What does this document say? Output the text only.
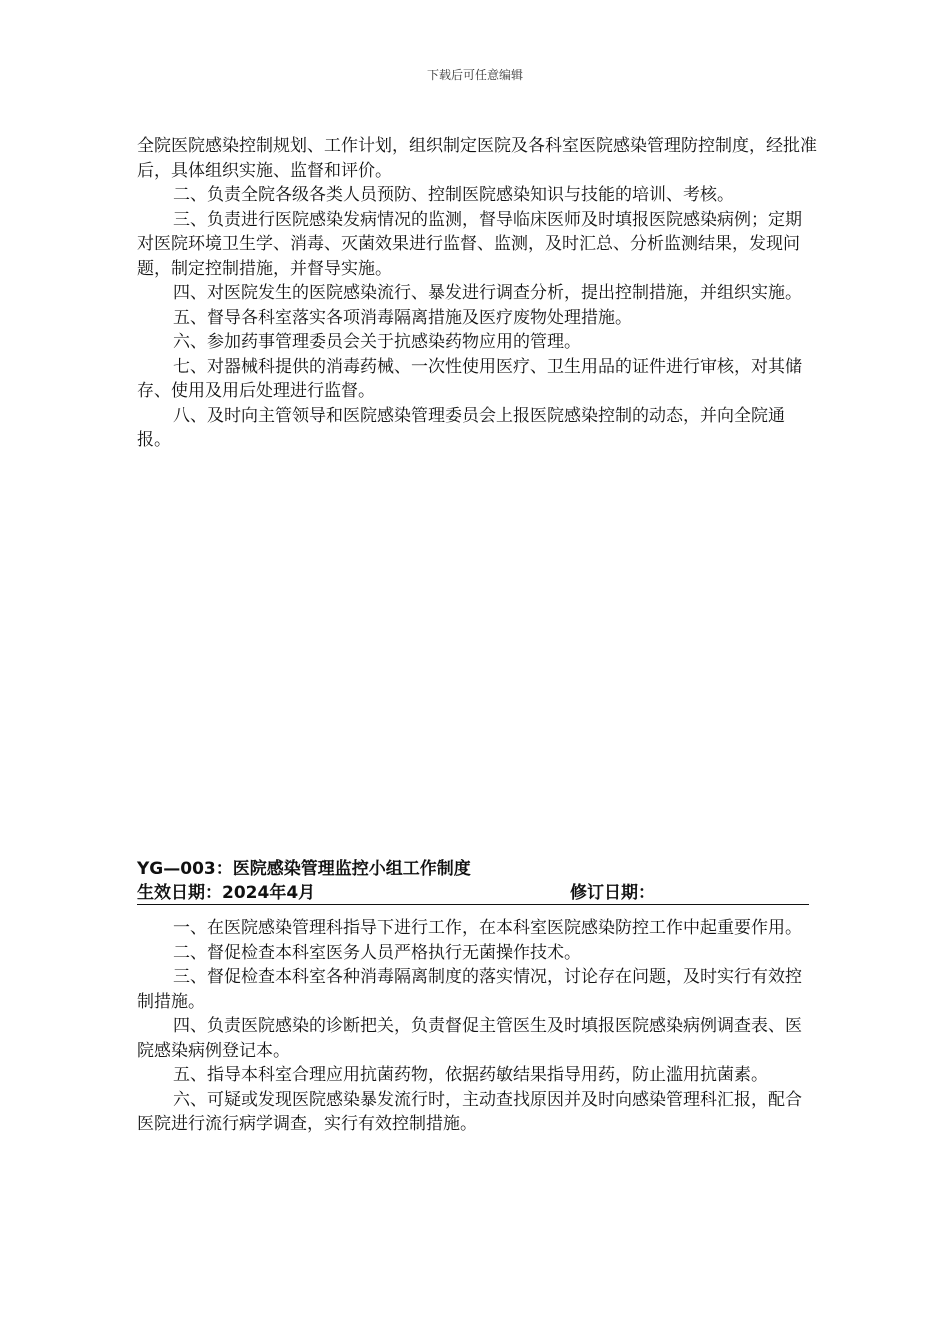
下载后可任意编辑

全院医院感染控制规划、工作计划，组织制定医院及各科室医院感染管理防控制度，经批准后，具体组织实施、监督和评价。

二、负责全院各级各类人员预防、控制医院感染知识与技能的培训、考核。

三、负责进行医院感染发病情况的监测，督导临床医师及时填报医院感染病例；定期对医院环境卫生学、消毒、灭菌效果进行监督、监测，及时汇总、分析监测结果，发现问题，制定控制措施，并督导实施。

四、对医院发生的医院感染流行、暴发进行调查分析，提出控制措施，并组织实施。

五、督导各科室落实各项消毒隔离措施及医疗废物处理措施。

六、参加药事管理委员会关于抗感染药物应用的管理。

七、对器械科提供的消毒药械、一次性使用医疗、卫生用品的证件进行审核，对其储存、使用及用后处理进行监督。

八、及时向主管领导和医院感染管理委员会上报医院感染控制的动态，并向全院通报。

YG—003：医院感染管理监控小组工作制度
生效日期：2024年4月	修订日期：

一、在医院感染管理科指导下进行工作，在本科室医院感染防控工作中起重要作用。

二、督促检查本科室医务人员严格执行无菌操作技术。

三、督促检查本科室各种消毒隔离制度的落实情况，讨论存在问题，及时实行有效控制措施。

四、负责医院感染的诊断把关，负责督促主管医生及时填报医院感染病例调查表、医院感染病例登记本。

五、指导本科室合理应用抗菌药物，依据药敏结果指导用药，防止滥用抗菌素。

六、可疑或发现医院感染暴发流行时，主动查找原因并及时向感染管理科汇报，配合医院进行流行病学调查，实行有效控制措施。
